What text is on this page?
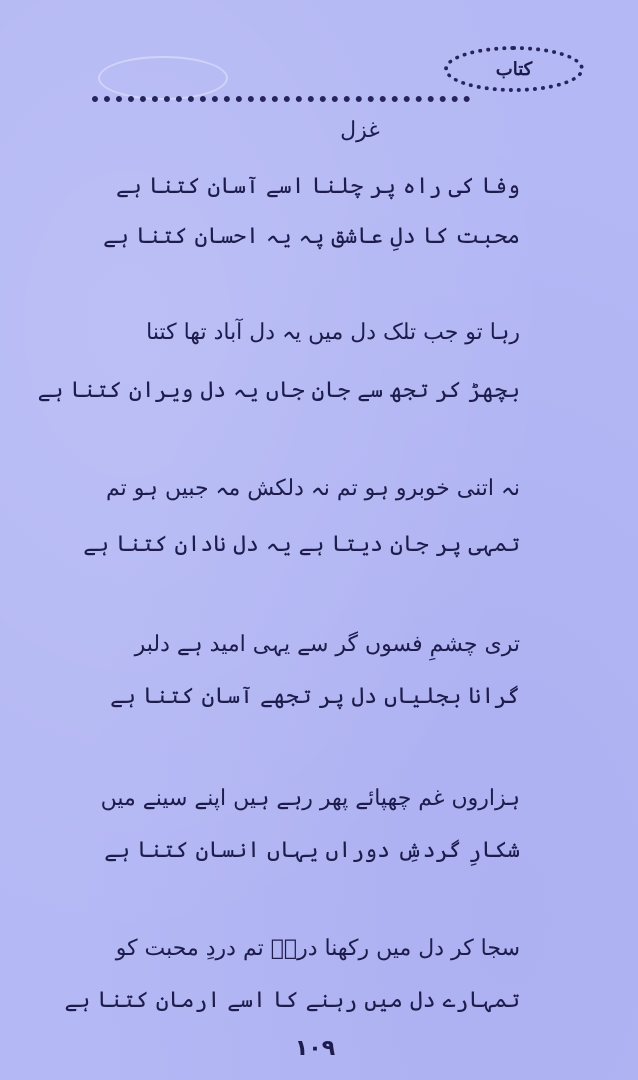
کتاب
غزل
وفا کی راہ پر چلنا اسے آسان کتنا ہے
محبت کا دلِ عاشق پہ یہ احسان کتنا ہے
رہا تو جب تلک دل میں یہ دل آباد تھا کتنا
بچھڑ کر تجھ سے جانِ جاں یہ دل ویران کتنا ہے
نہ اتنی خوبرو ہو تم نہ دلکش مہ جبیں ہو تم
تمہی پر جان دیتا ہے یہ دل نادان کتنا ہے
تری چشمِ فسوں گر سے یہی امید ہے دلبر
گرانا بجلیاں دل پر تجھے آسان کتنا ہے
ہزاروں غم چھپائے پھر رہے ہیں اپنے سینے میں
شکارِ گردشِ دوراں یہاں انسان کتنا ہے
سجا کر دل میں رکھنا دردؔ تم دردِ محبت کو
تمہارے دل میں رہنے کا اسے ارمان کتنا ہے
۱۰۹
